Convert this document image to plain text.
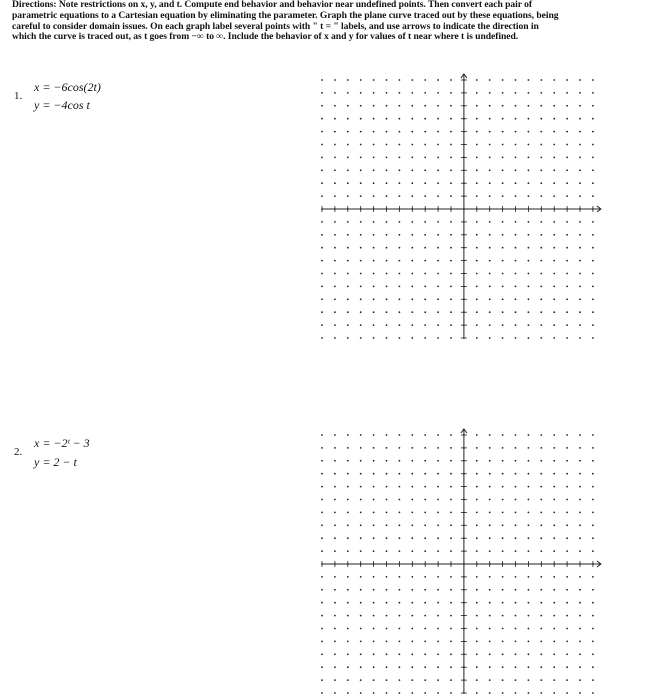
Directions: Note restrictions on x, y, and t. Compute end behavior and behavior near undefined points. Then convert each pair of
parametric equations to a Cartesian equation by eliminating the parameter. Graph the plane curve traced out by these equations, being
careful to consider domain issues. On each graph label several points with " t = " labels, and use arrows to indicate the direction in
which the curve is traced out, as t goes from −∞ to ∞. Include the behavior of x and y for values of t near where t is undefined.
1.
x = −6cos(2t)
y = −4cos t
2.
x = −2ᵗ − 3
y = 2 − t
